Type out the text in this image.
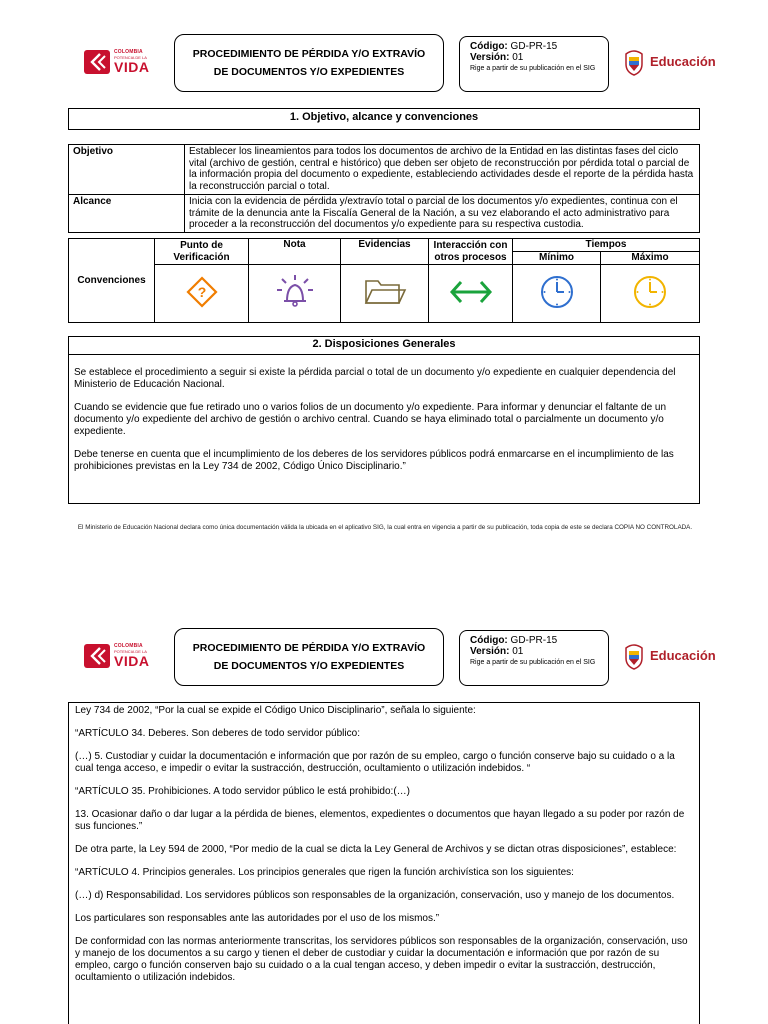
COLOMBIA
POTENCIA DE LA
VIDA
PROCEDIMIENTO DE PÉRDIDA Y/O EXTRAVÍO DE DOCUMENTOS Y/O EXPEDIENTES
Código: GD-PR-15
Versión: 01
Rige a partir de su publicación en el SIG	Educación
1. Objetivo, alcance y convenciones
Objetivo	Establecer los lineamientos para todos los documentos de archivo de la Entidad en las distintas fases del ciclo vital (archivo de gestión, central e histórico) que deben ser objeto de reconstrucción por pérdida total o parcial de la información propia del documento o expediente, estableciendo actividades desde el reporte de la pérdida hasta la reconstrucción parcial o total.
Alcance	Inicia con la evidencia de pérdida y/extravío total o parcial de los documentos y/o expedientes, continua con el trámite de la denuncia ante la Fiscalía General de la Nación, a su vez elaborando el acto administrativo para proceder a la reconstrucción del documentos y/o expediente para su respectiva custodia.
Convenciones	Punto de Verificación	Nota	Evidencias	Interacción con otros procesos	Tiempos	
					Mínimo	Máximo

?

2. Disposiciones Generales

Se establece el procedimiento a seguir si existe la pérdida parcial o total de un documento y/o expediente en cualquier dependencia del Ministerio de Educación Nacional.

Cuando se evidencie que fue retirado uno o varios folios de un documento y/o expediente. Para informar y denunciar el faltante de un documento y/o expediente del archivo de gestión o archivo central. Cuando se haya eliminado total o parcialmente un documento y/o expediente.

Debe tenerse en cuenta que el incumplimiento de los deberes de los servidores públicos podrá enmarcarse en el incumplimiento de las prohibiciones previstas en la Ley 734 de 2002, Código Único Disciplinario.”

El Ministerio de Educación Nacional declara como única documentación válida la ubicada en el aplicativo SIG, la cual entra en vigencia a partir de su publicación, toda copia de este se declara COPIA NO CONTROLADA.
COLOMBIA
POTENCIA DE LA
VIDA
PROCEDIMIENTO DE PÉRDIDA Y/O EXTRAVÍO DE DOCUMENTOS Y/O EXPEDIENTES
Código: GD-PR-15
Versión: 01
Rige a partir de su publicación en el SIG	Educación

Ley 734 de 2002, “Por la cual se expide el Código Unico Disciplinario”, señala lo siguiente:

“ARTÍCULO 34. Deberes. Son deberes de todo servidor público:

(…) 5. Custodiar y cuidar la documentación e información que por razón de su empleo, cargo o función conserve bajo su cuidado o a la cual tenga acceso, e impedir o evitar la sustracción, destrucción, ocultamiento o utilización indebidos. “

“ARTÍCULO 35. Prohibiciones. A todo servidor público le está prohibido:(…)

13. Ocasionar daño o dar lugar a la pérdida de bienes, elementos, expedientes o documentos que hayan llegado a su poder por razón de sus funciones.”

De otra parte, la Ley 594 de 2000, “Por medio de la cual se dicta la Ley General de Archivos y se dictan otras disposiciones”, establece:

“ARTÍCULO 4. Principios generales. Los principios generales que rigen la función archivística son los siguientes:

(…) d) Responsabilidad. Los servidores públicos son responsables de la organización, conservación, uso y manejo de los documentos.

Los particulares son responsables ante las autoridades por el uso de los mismos.”

De conformidad con las normas anteriormente transcritas, los servidores públicos son responsables de la organización, conservación, uso y manejo de los documentos a su cargo y tienen el deber de custodiar y cuidar la documentación e información que por razón de su empleo, cargo o función conserven bajo su cuidado o a la cual tengan acceso, y deben impedir o evitar la sustracción, destrucción, ocultamiento o utilización indebidos.
